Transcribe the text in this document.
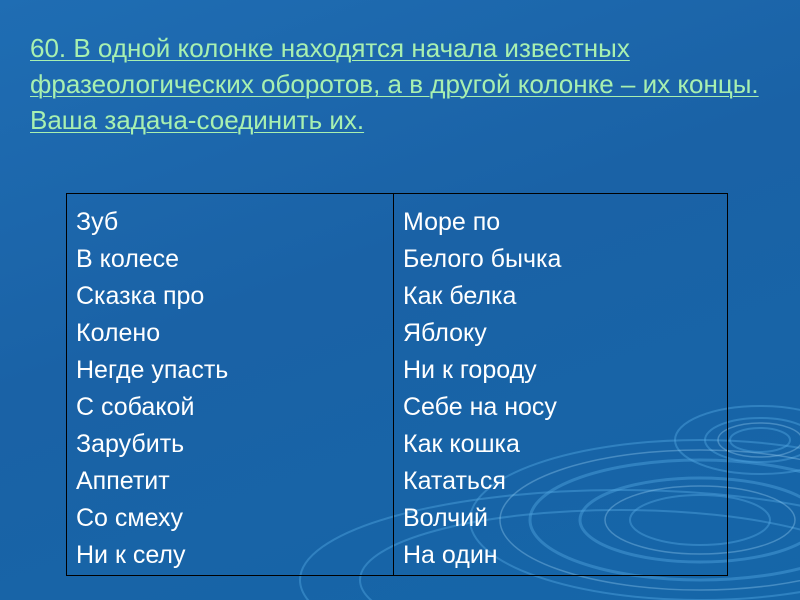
60. В одной колонке находятся начала известных фразеологических оборотов, а в другой колонке – их концы. Ваша задача-соединить их.
Зуб
В колесе
Сказка про
Колено
Негде упасть
С собакой
Зарубить
Аппетит
Со смеху
Ни к селу
Море по
Белого бычка
Как белка
Яблоку
Ни к городу
Себе на носу
Как кошка
Кататься
Волчий
На один
